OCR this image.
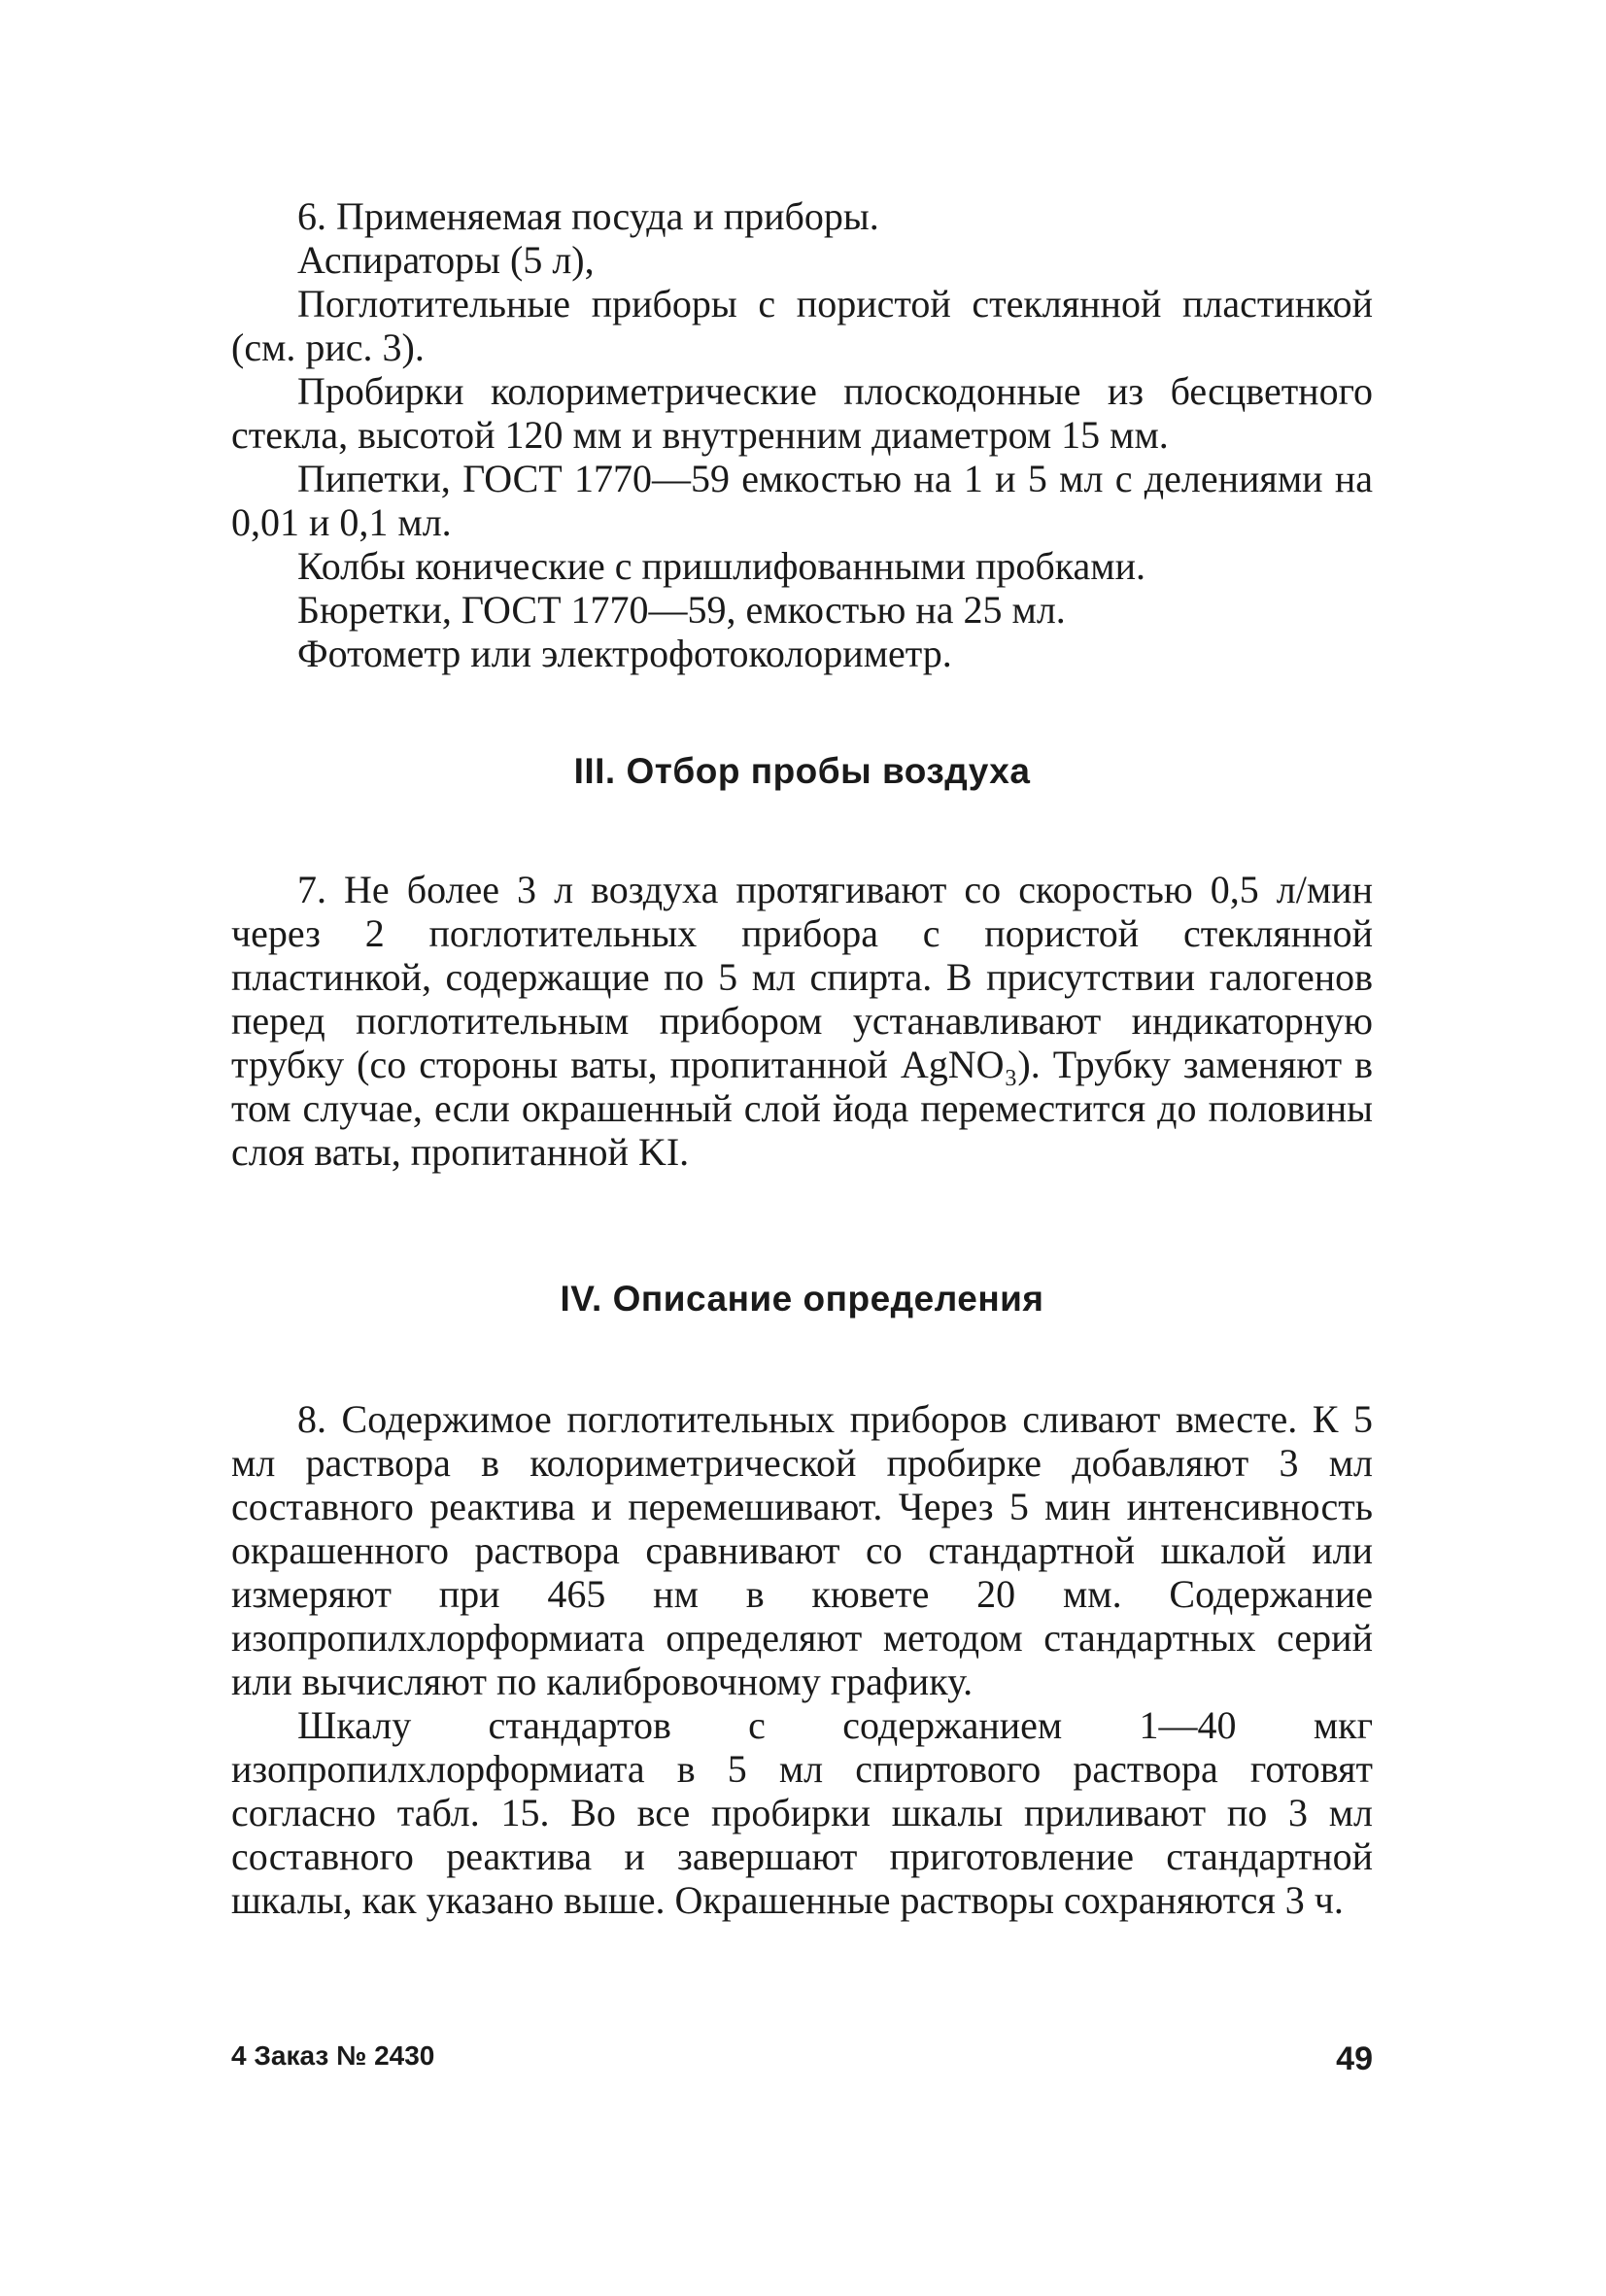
6. Применяемая посуда и приборы.

Аспираторы (5 л),

Поглотительные приборы с пористой стеклянной пластинкой (см. рис. 3).

Пробирки колориметрические плоскодонные из бесцветного стекла, высотой 120 мм и внутренним диаметром 15 мм.

Пипетки, ГОСТ 1770—59 емкостью на 1 и 5 мл с делениями на 0,01 и 0,1 мл.

Колбы конические с пришлифованными пробками.

Бюретки, ГОСТ 1770—59, емкостью на 25 мл.

Фотометр или электрофотоколориметр.

III. Отбор пробы воздуха

7. Не более 3 л воздуха протягивают со скоростью 0,5 л/мин через 2 поглотительных прибора с пористой стеклянной пластинкой, содержащие по 5 мл спирта. В присутствии галогенов перед поглотительным прибором устанавливают индикаторную трубку (со стороны ваты, пропитанной AgNO₃). Трубку заменяют в том случае, если окрашенный слой йода переместится до половины слоя ваты, пропитанной KI.

IV. Описание определения

8. Содержимое поглотительных приборов сливают вместе. К 5 мл раствора в колориметрической пробирке добавляют 3 мл составного реактива и перемешивают. Через 5 мин интенсивность окрашенного раствора сравнивают со стандартной шкалой или измеряют при 465 нм в кювете 20 мм. Содержание изопропилхлорформиата определяют методом стандартных серий или вычисляют по калибровочному графику.

Шкалу стандартов с содержанием 1—40 мкг изопропилхлорформиата в 5 мл спиртового раствора готовят согласно табл. 15. Во все пробирки шкалы приливают по 3 мл составного реактива и завершают приготовление стандартной шкалы, как указано выше. Окрашенные растворы сохраняются 3 ч.

4 Заказ № 2430	49
